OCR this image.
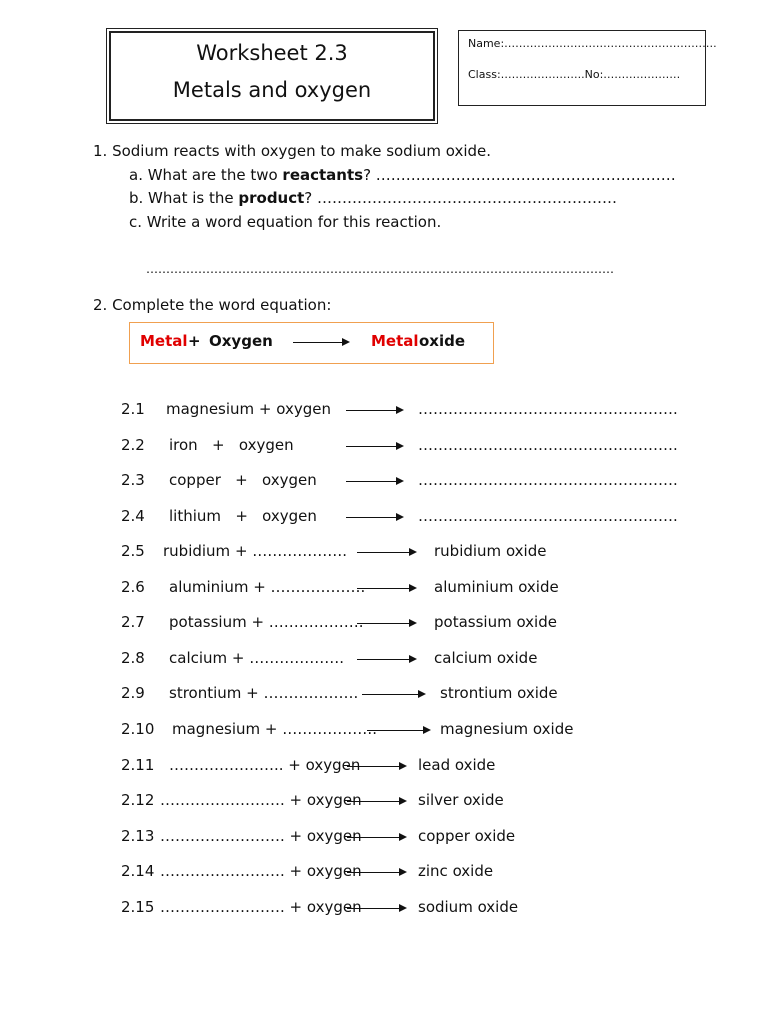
Worksheet 2.3
Metals and oxygen
Name:………………………………………………….
Class:…………………..No:…………………
1. Sodium reacts with oxygen to make sodium oxide.
a. What are the two reactants? ……………………………………………………
b. What is the product? ……………………………………………………
c. Write a word equation for this reaction.
………………………………………………………………………………………………………
2. Complete the word equation:
Metal + Oxygen	Metal oxide
2.1 magnesium + oxygen → …………………………………………….
2.2 iron   +   oxygen	→ …………………………………………….
2.3 copper   +   oxygen → …………………………………………….
2.4 lithium   +   oxygen → …………………………………………….
2.5 rubidium + ………………. → rubidium oxide
2.6 aluminium + ………………. → aluminium oxide
2.7 potassium + ………………. → potassium oxide
2.8 calcium + ………………. → calcium oxide
2.9 strontium + ………………. → strontium oxide
2.10 magnesium + ………………. → magnesium oxide
2.11 ………………….. + oxygen → lead oxide
2.12 ……………………. + oxygen → silver oxide
2.13 ……………………. + oxygen → copper oxide
2.14 ……………………. + oxygen → zinc oxide
2.15 ……………………. + oxygen → sodium oxide
